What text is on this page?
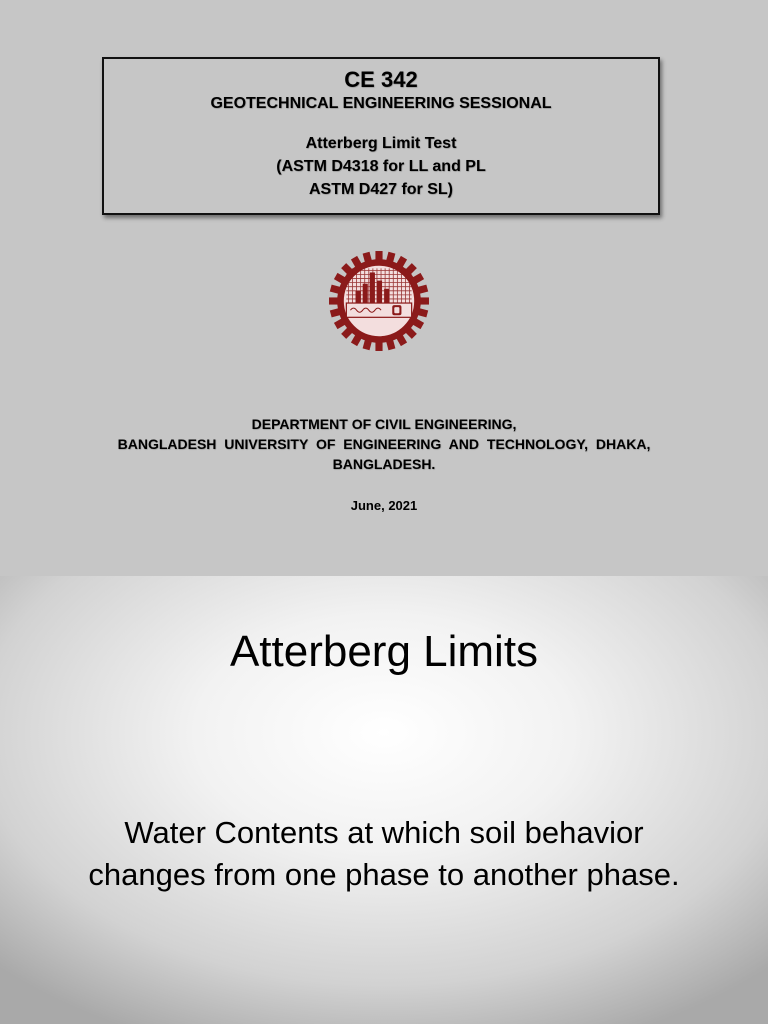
CE 342
GEOTECHNICAL ENGINEERING SESSIONAL
Atterberg Limit Test
(ASTM D4318 for LL and PL
ASTM D427 for SL)
DEPARTMENT OF CIVIL ENGINEERING,
BANGLADESH UNIVERSITY OF ENGINEERING AND TECHNOLOGY, DHAKA,
BANGLADESH.
June, 2021
Atterberg Limits
Water Contents at which soil behavior
changes from one phase to another phase.
